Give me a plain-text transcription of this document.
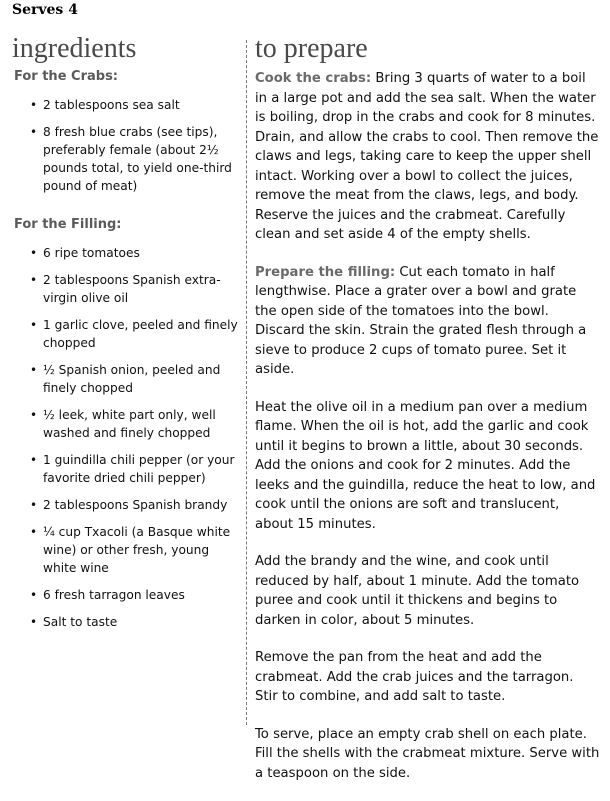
Serves 4
ingredients
For the Crabs:
• 2 tablespoons sea salt
• 8 fresh blue crabs (see tips), preferably female (about 2½ pounds total, to yield one-third pound of meat)
For the Filling:
• 6 ripe tomatoes
• 2 tablespoons Spanish extra-virgin olive oil
• 1 garlic clove, peeled and finely chopped
• ½ Spanish onion, peeled and finely chopped
• ½ leek, white part only, well washed and finely chopped
• 1 guindilla chili pepper (or your favorite dried chili pepper)
• 2 tablespoons Spanish brandy
• ¼ cup Txacoli (a Basque white wine) or other fresh, young white wine
• 6 fresh tarragon leaves
• Salt to taste
to prepare

Cook the crabs: Bring 3 quarts of water to a boil in a large pot and add the sea salt. When the water is boiling, drop in the crabs and cook for 8 minutes. Drain, and allow the crabs to cool. Then remove the claws and legs, taking care to keep the upper shell intact. Working over a bowl to collect the juices, remove the meat from the claws, legs, and body. Reserve the juices and the crabmeat. Carefully clean and set aside 4 of the empty shells.

Prepare the filling: Cut each tomato in half lengthwise. Place a grater over a bowl and grate the open side of the tomatoes into the bowl. Discard the skin. Strain the grated flesh through a sieve to produce 2 cups of tomato puree. Set it aside.

Heat the olive oil in a medium pan over a medium flame. When the oil is hot, add the garlic and cook until it begins to brown a little, about 30 seconds. Add the onions and cook for 2 minutes. Add the leeks and the guindilla, reduce the heat to low, and cook until the onions are soft and translucent, about 15 minutes.

Add the brandy and the wine, and cook until reduced by half, about 1 minute. Add the tomato puree and cook until it thickens and begins to darken in color, about 5 minutes.

Remove the pan from the heat and add the crabmeat. Add the crab juices and the tarragon. Stir to combine, and add salt to taste.

To serve, place an empty crab shell on each plate. Fill the shells with the crabmeat mixture. Serve with a teaspoon on the side.
